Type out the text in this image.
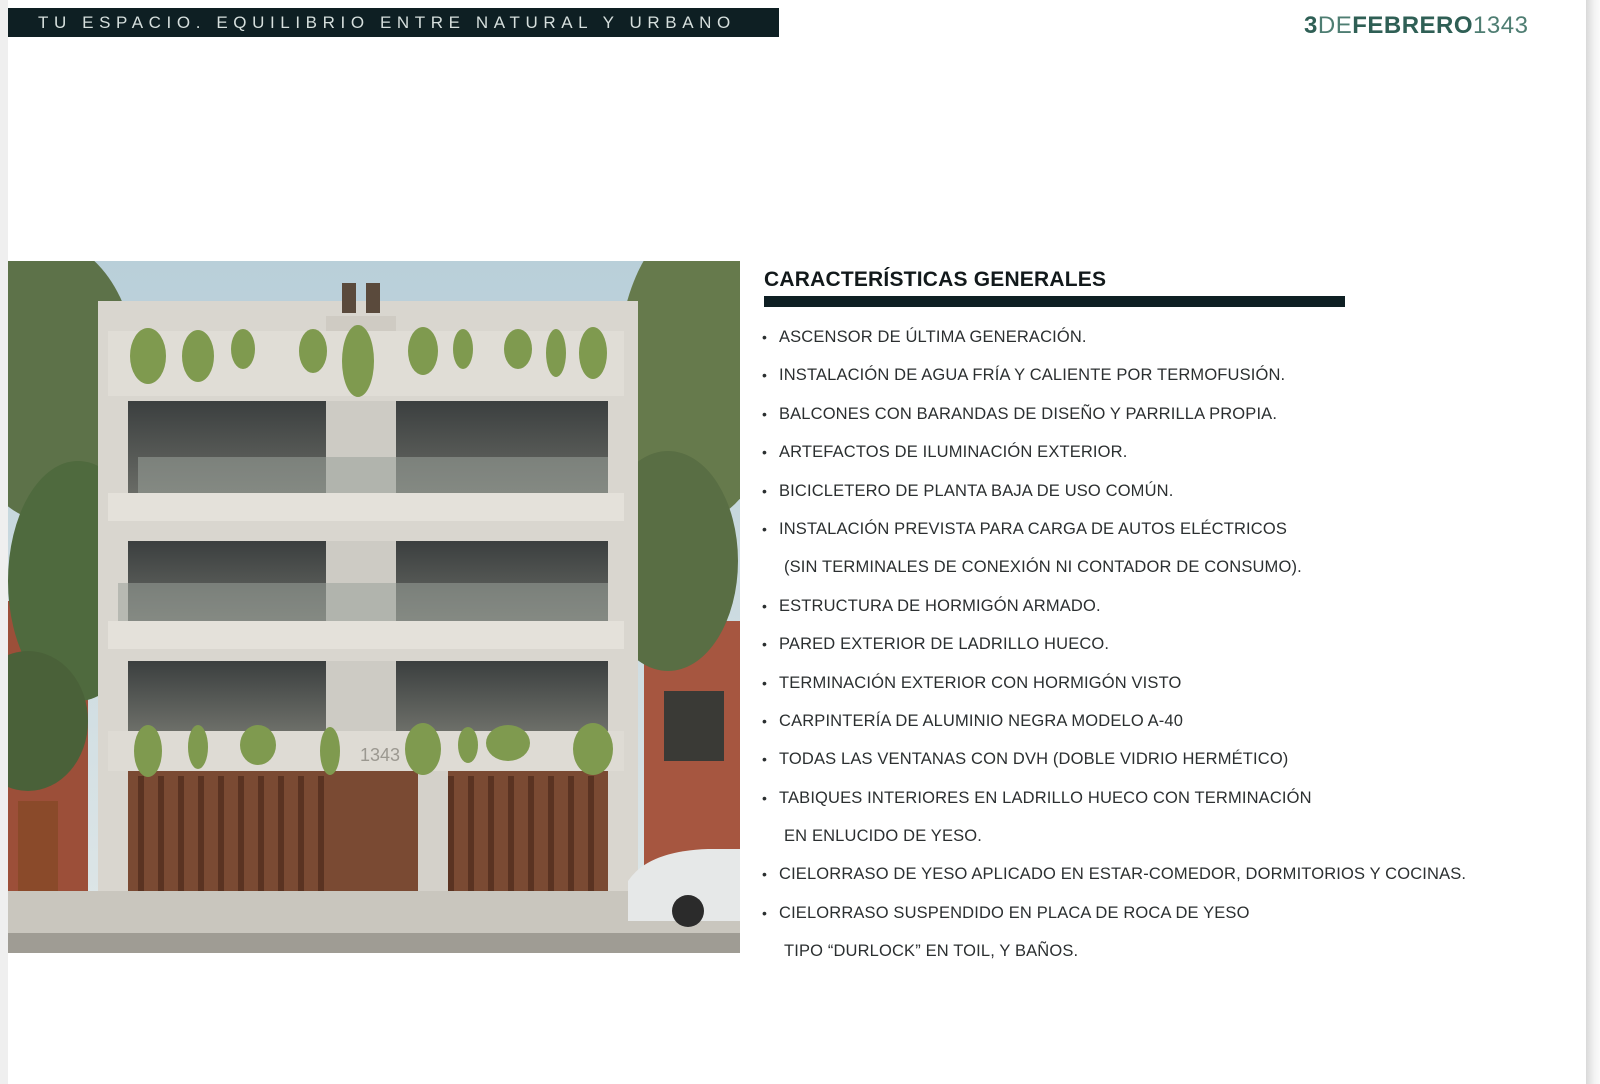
TU ESPACIO. EQUILIBRIO ENTRE NATURAL Y URBANO	3DEFEBRERO1343
1343
CARACTERÍSTICAS GENERALES
• ASCENSOR DE ÚLTIMA GENERACIÓN.
• INSTALACIÓN DE AGUA FRÍA Y CALIENTE POR TERMOFUSIÓN.
• BALCONES CON BARANDAS DE DISEÑO Y PARRILLA PROPIA.
• ARTEFACTOS DE ILUMINACIÓN EXTERIOR.
• BICICLETERO DE PLANTA BAJA DE USO COMÚN.
• INSTALACIÓN PREVISTA PARA CARGA DE AUTOS ELÉCTRICOS
(SIN TERMINALES DE CONEXIÓN NI CONTADOR DE CONSUMO).
• ESTRUCTURA DE HORMIGÓN ARMADO.
• PARED EXTERIOR DE LADRILLO HUECO.
• TERMINACIÓN EXTERIOR CON HORMIGÓN VISTO
• CARPINTERÍA DE ALUMINIO NEGRA MODELO A-40
• TODAS LAS VENTANAS CON DVH (DOBLE VIDRIO HERMÉTICO)
• TABIQUES INTERIORES EN LADRILLO HUECO CON TERMINACIÓN
EN ENLUCIDO DE YESO.
• CIELORRASO DE YESO APLICADO EN ESTAR-COMEDOR, DORMITORIOS Y COCINAS.
• CIELORRASO SUSPENDIDO EN PLACA DE ROCA DE YESO
TIPO “DURLOCK” EN TOIL, Y BAÑOS.
